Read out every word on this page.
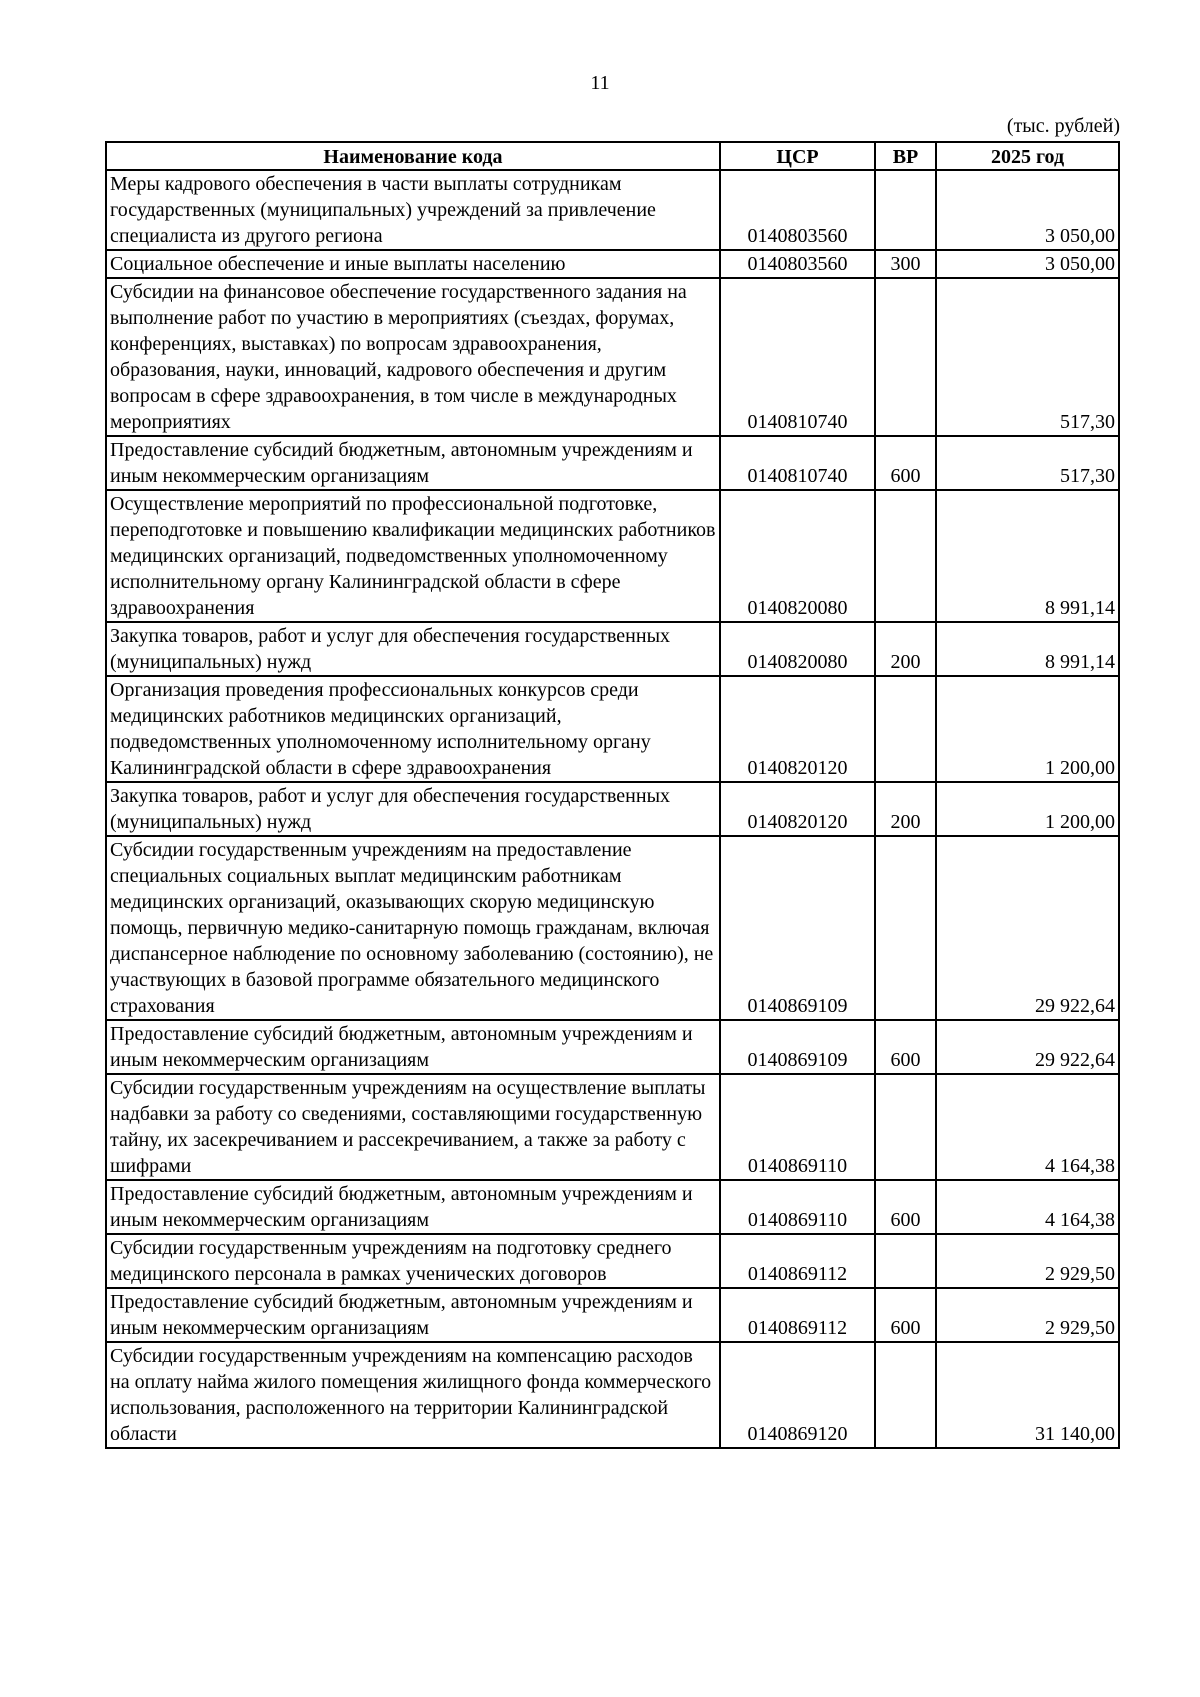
11
(тыс. рублей)
Наименование кода	ЦСР	ВР	2025 год
Меры кадрового обеспечения в части выплаты сотрудникам государственных (муниципальных) учреждений за привлечение специалиста из другого региона	0140803560		3 050,00
Социальное обеспечение и иные выплаты населению	0140803560	300	3 050,00
Субсидии на финансовое обеспечение государственного задания на выполнение работ по участию в мероприятиях (съездах, форумах, конференциях, выставках) по вопросам здравоохранения, образования, науки, инноваций, кадрового обеспечения и другим вопросам в сфере здравоохранения, в том числе в международных мероприятиях	0140810740		517,30
Предоставление субсидий бюджетным, автономным учреждениям и иным некоммерческим организациям	0140810740	600	517,30
Осуществление мероприятий по профессиональной подготовке, переподготовке и повышению квалификации медицинских работников медицинских организаций, подведомственных уполномоченному исполнительному органу Калининградской области в сфере здравоохранения	0140820080		8 991,14
Закупка товаров, работ и услуг для обеспечения государственных (муниципальных) нужд	0140820080	200	8 991,14
Организация проведения профессиональных конкурсов среди медицинских работников медицинских организаций, подведомственных уполномоченному исполнительному органу Калининградской области в сфере здравоохранения	0140820120		1 200,00
Закупка товаров, работ и услуг для обеспечения государственных (муниципальных) нужд	0140820120	200	1 200,00
Субсидии государственным учреждениям на предоставление специальных социальных выплат медицинским работникам медицинских организаций, оказывающих скорую медицинскую помощь, первичную медико-санитарную помощь гражданам, включая диспансерное наблюдение по основному заболеванию (состоянию), не участвующих в базовой программе обязательного медицинского страхования	0140869109		29 922,64
Предоставление субсидий бюджетным, автономным учреждениям и иным некоммерческим организациям	0140869109	600	29 922,64
Субсидии государственным учреждениям на осуществление выплаты надбавки за работу со сведениями, составляющими государственную тайну, их засекречиванием и рассекречиванием, а также за работу с шифрами	0140869110		4 164,38
Предоставление субсидий бюджетным, автономным учреждениям и иным некоммерческим организациям	0140869110	600	4 164,38
Субсидии государственным учреждениям на подготовку среднего медицинского персонала в рамках ученических договоров	0140869112		2 929,50
Предоставление субсидий бюджетным, автономным учреждениям и иным некоммерческим организациям	0140869112	600	2 929,50
Субсидии государственным учреждениям на компенсацию расходов на оплату найма жилого помещения жилищного фонда коммерческого использования, расположенного на территории Калининградской области	0140869120		31 140,00
